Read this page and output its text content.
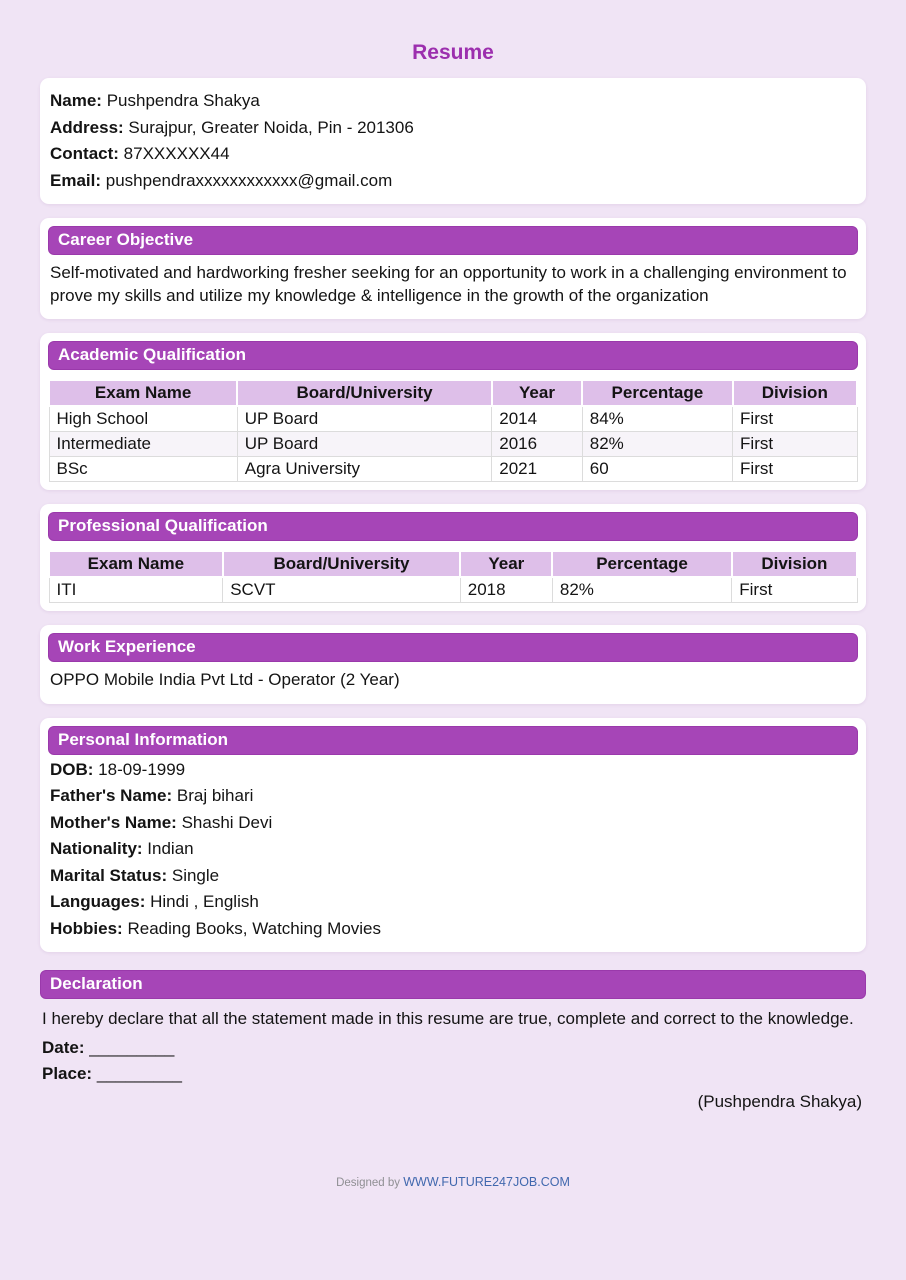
Resume
Name: Pushpendra Shakya
Address: Surajpur, Greater Noida, Pin - 201306
Contact: 87XXXXXX44
Email: pushpendraxxxxxxxxxxxx@gmail.com
Career Objective
Self-motivated and hardworking fresher seeking for an opportunity to work in a challenging environment to prove my skills and utilize my knowledge & intelligence in the growth of the organization
Academic Qualification
Exam Name	Board/University	Year	Percentage	Division
High School	UP Board	2014	84%	First
Intermediate	UP Board	2016	82%	First
BSc	Agra University	2021	60	First
Professional Qualification
Exam Name	Board/University	Year	Percentage	Division
ITI	SCVT	2018	82%	First
Work Experience
OPPO Mobile India Pvt Ltd - Operator (2 Year)
Personal Information
DOB: 18-09-1999
Father's Name: Braj bihari
Mother's Name: Shashi Devi
Nationality: Indian
Marital Status: Single
Languages: Hindi , English
Hobbies: Reading Books, Watching Movies
Declaration
I hereby declare that all the statement made in this resume are true, complete and correct to the knowledge.
Date: _________
Place: _________
(Pushpendra Shakya)
Designed by WWW.FUTURE247JOB.COM
